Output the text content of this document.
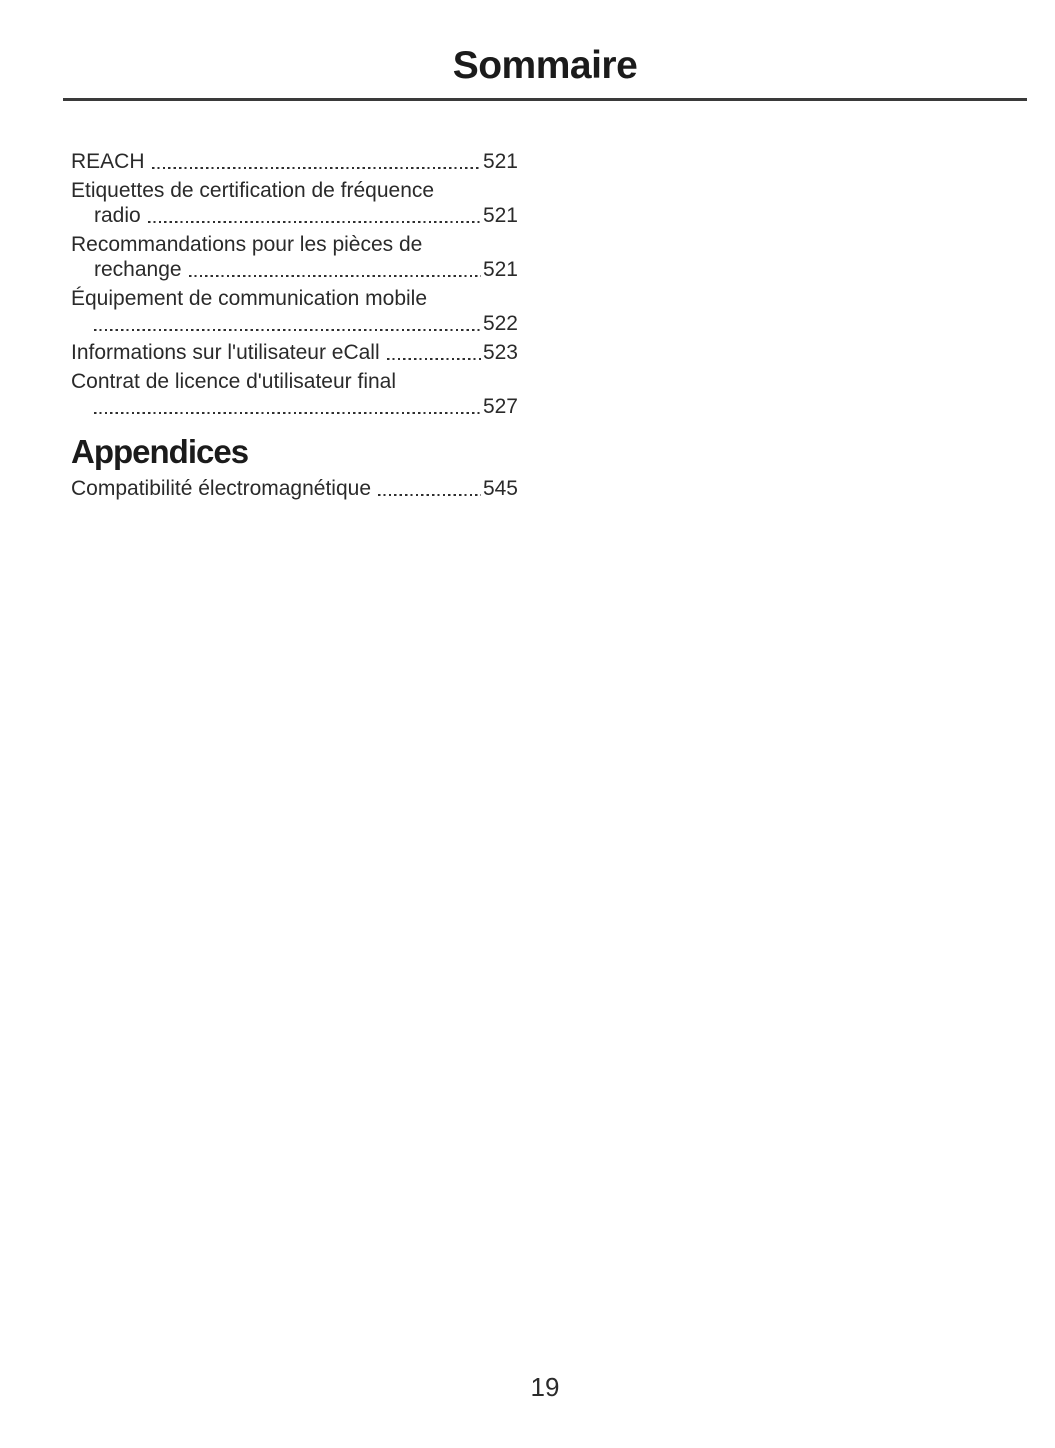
Sommaire
REACH	521
Etiquettes de certification de fréquence
radio	521
Recommandations pour les pièces de
rechange	521
Équipement de communication mobile
522
Informations sur l'utilisateur eCall	523
Contrat de licence d'utilisateur final
527
Appendices
Compatibilité électromagnétique	545
19
